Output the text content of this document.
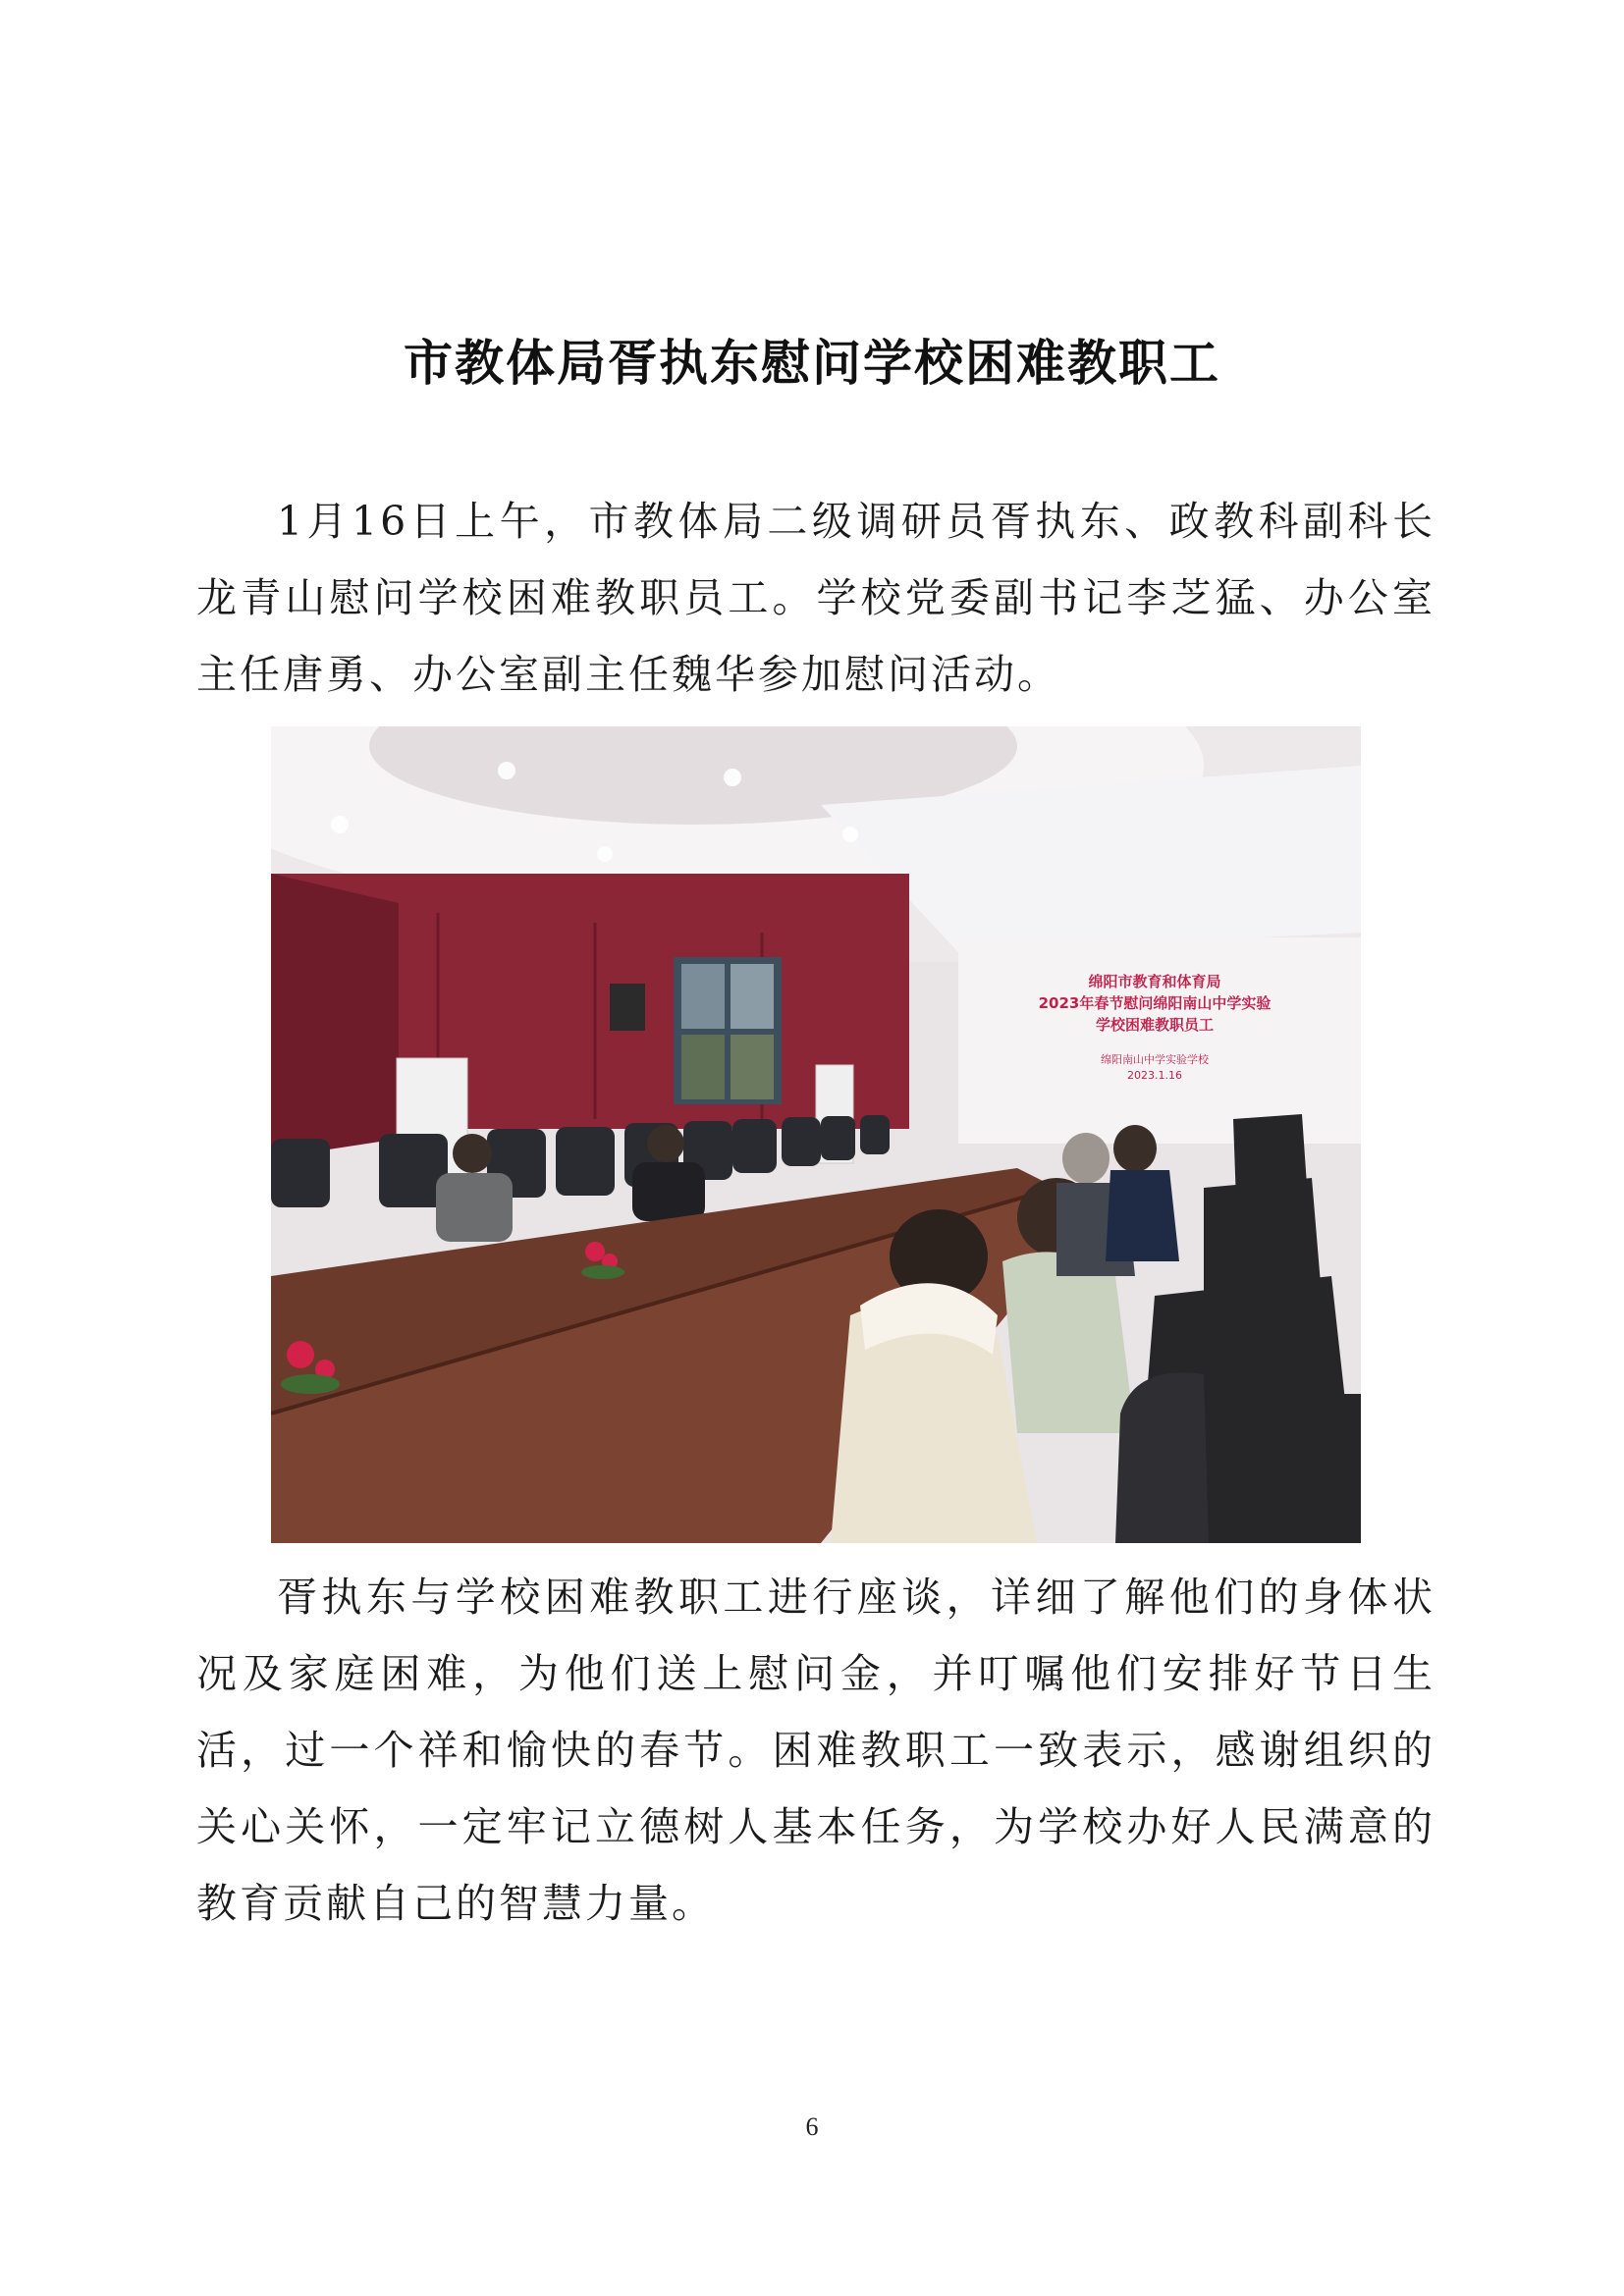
市教体局胥执东慰问学校困难教职工
1月16日上午，市教体局二级调研员胥执东、政教科副科长龙青山慰问学校困难教职员工。学校党委副书记李芝猛、办公室主任唐勇、办公室副主任魏华参加慰问活动。
绵阳市教育和体育局
2023年春节慰问绵阳南山中学实验
学校困难教职员工
绵阳南山中学实验学校
2023.1.16
胥执东与学校困难教职工进行座谈，详细了解他们的身体状况及家庭困难，为他们送上慰问金，并叮嘱他们安排好节日生活，过一个祥和愉快的春节。困难教职工一致表示，感谢组织的关心关怀，一定牢记立德树人基本任务，为学校办好人民满意的教育贡献自己的智慧力量。
6
